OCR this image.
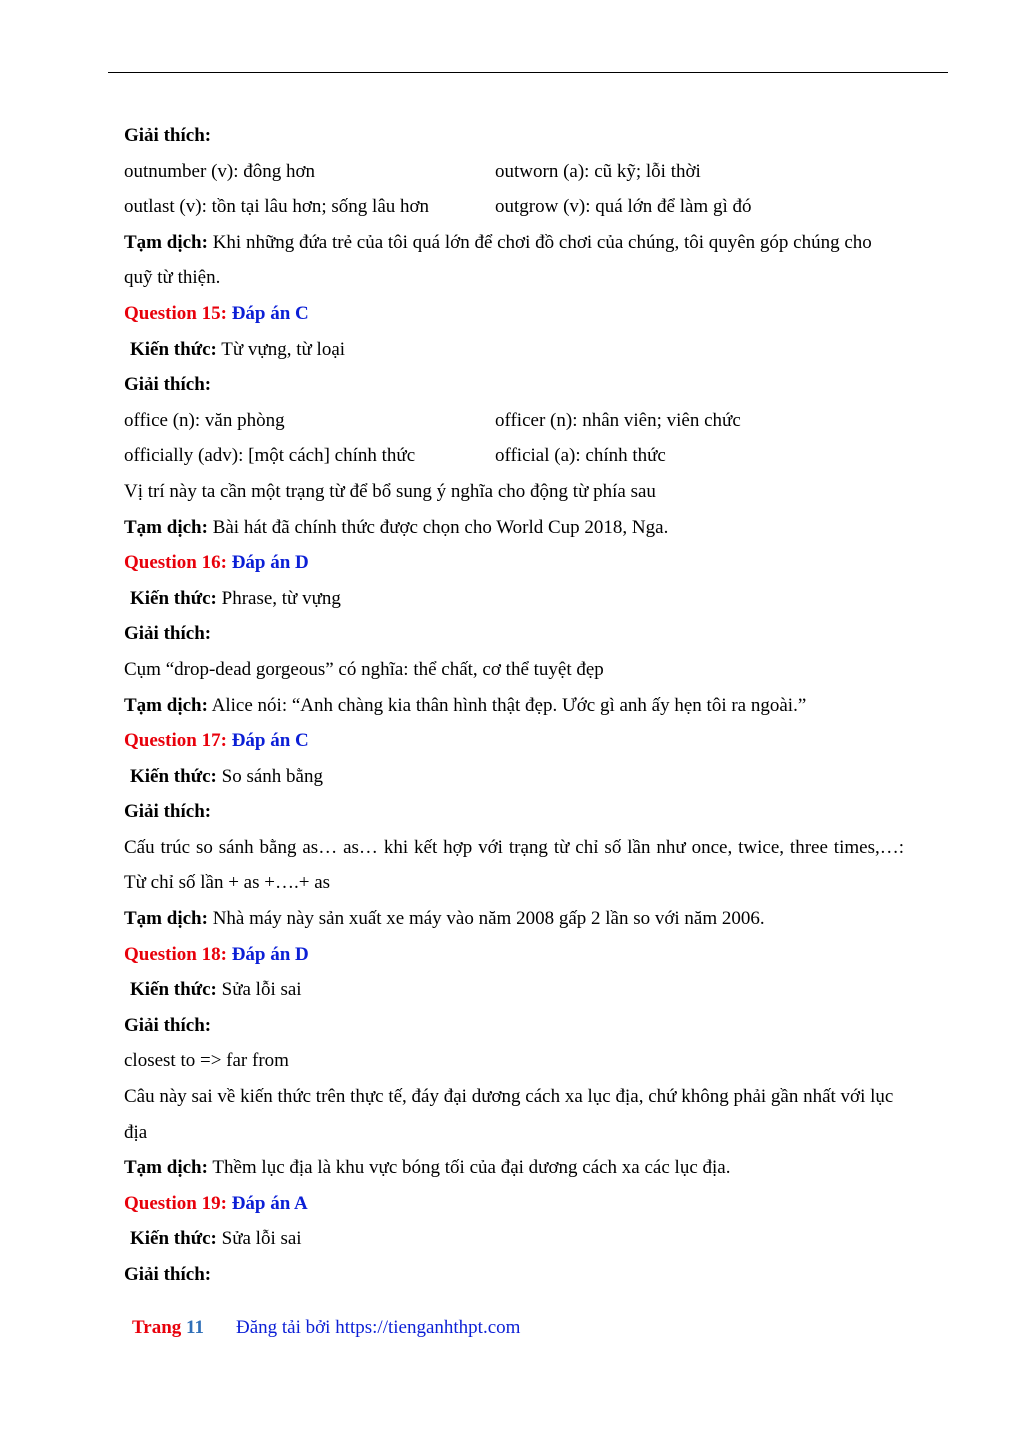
Giải thích:
outnumber (v): đông hơn	outworn (a): cũ kỹ; lỗi thời
outlast (v): tồn tại lâu hơn; sống lâu hơn	outgrow (v): quá lớn để làm gì đó
Tạm dịch: Khi những đứa trẻ của tôi quá lớn để chơi đồ chơi của chúng, tôi quyên góp chúng cho quỹ từ thiện.
Question 15: Đáp án C
Kiến thức: Từ vựng, từ loại
Giải thích:
office (n): văn phòng	officer (n): nhân viên; viên chức
officially (adv): [một cách] chính thức	official (a): chính thức
Vị trí này ta cần một trạng từ để bổ sung ý nghĩa cho động từ phía sau
Tạm dịch: Bài hát đã chính thức được chọn cho World Cup 2018, Nga.
Question 16: Đáp án D
Kiến thức: Phrase, từ vựng
Giải thích:
Cụm “drop-dead gorgeous” có nghĩa: thể chất, cơ thể tuyệt đẹp
Tạm dịch: Alice nói: “Anh chàng kia thân hình thật đẹp. Ước gì anh ấy hẹn tôi ra ngoài.”
Question 17: Đáp án C
Kiến thức: So sánh bằng
Giải thích:
Cấu trúc so sánh bằng as… as… khi kết hợp với trạng từ chỉ số lần như once, twice, three times,…: Từ chỉ số lần + as +….+ as
Tạm dịch: Nhà máy này sản xuất xe máy vào năm 2008 gấp 2 lần so với năm 2006.
Question 18: Đáp án D
Kiến thức: Sửa lỗi sai
Giải thích:
closest to => far from
Câu này sai về kiến thức trên thực tế, đáy đại dương cách xa lục địa, chứ không phải gần nhất với lục địa
Tạm dịch: Thềm lục địa là khu vực bóng tối của đại dương cách xa các lục địa.
Question 19: Đáp án A
Kiến thức: Sửa lỗi sai
Giải thích:
Trang 11 Đăng tải bởi https://tienganhthpt.com
